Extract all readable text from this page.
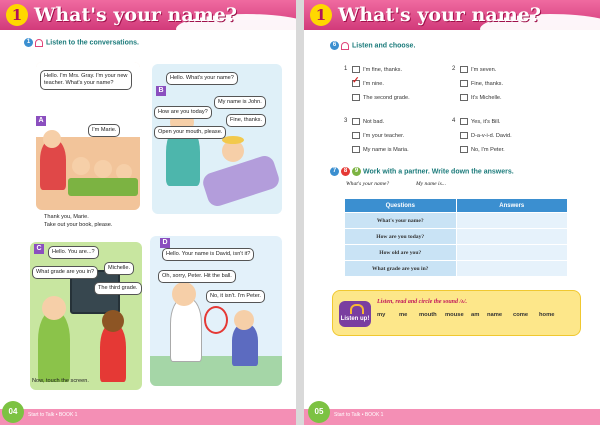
1 What's your name?
1 Listen to the conversations.
A
Hello. I'm Mrs. Gray. I'm your new teacher. What's your name?
I'm Marie.
Thank you, Marie.
Take out your book, please.
B
Hello. What's your name?
How are you today?
My name is John.
Fine, thanks.
Open your mouth, please.
C	Hello. You are...?
What grade are you in?
Michelle.
The third grade.
Now, touch the screen.
D
Hello. Your name is David, isn't it?
Oh, sorry, Peter. Hit the ball.
No, it isn't. I'm Peter.
04	Start to Talk • BOOK 1
1 What's your name?
6 Listen and choose.
1	I'm fine, thanks.
✓ I'm nine.
The second grade.
2	I'm seven.
Fine, thanks.
It's Michelle.
3	Not bad.
I'm your teacher.
My name is Maria.
4	Yes, it's Bill.
D-a-v-i-d. David.
No, I'm Peter.
7 8 9 Work with a partner. Write down the answers.
What's your name?	My name is...
Questions	Answers
What's your name?	
How are you today?	
How old are you?	
What grade are you in?	
Listen up!
Listen, read and circle the sound /ʌ/.
my me mouth mouse am name come home
05	Start to Talk • BOOK 1
